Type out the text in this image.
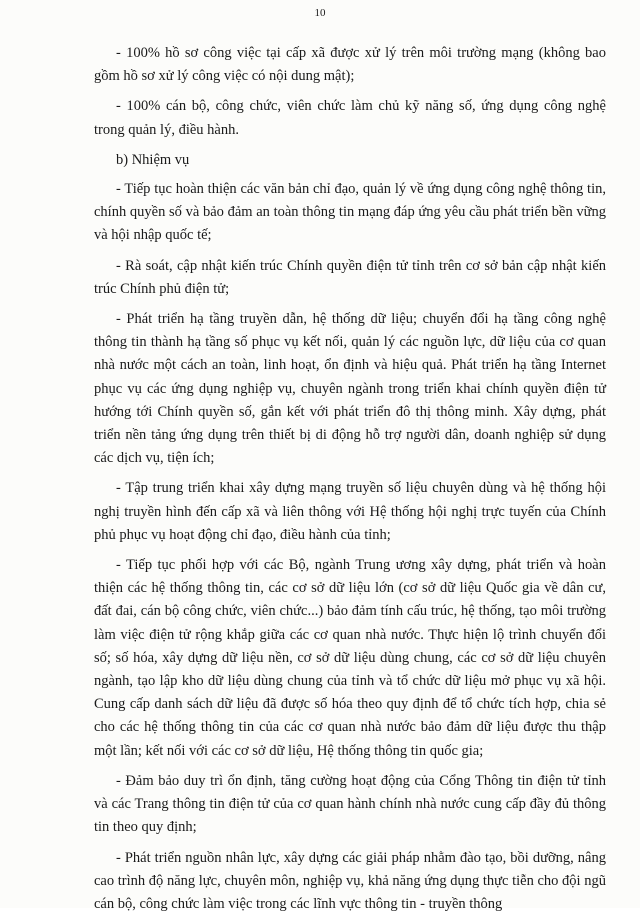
10

- 100% hồ sơ công việc tại cấp xã được xử lý trên môi trường mạng (không bao gồm hồ sơ xử lý công việc có nội dung mật);

- 100% cán bộ, công chức, viên chức làm chủ kỹ năng số, ứng dụng công nghệ trong quản lý, điều hành.

b) Nhiệm vụ

- Tiếp tục hoàn thiện các văn bản chỉ đạo, quản lý về ứng dụng công nghệ thông tin, chính quyền số và bảo đảm an toàn thông tin mạng đáp ứng yêu cầu phát triển bền vững và hội nhập quốc tế;

- Rà soát, cập nhật kiến trúc Chính quyền điện tử tỉnh trên cơ sở bản cập nhật kiến trúc Chính phủ điện tử;

- Phát triển hạ tầng truyền dẫn, hệ thống dữ liệu; chuyển đổi hạ tầng công nghệ thông tin thành hạ tầng số phục vụ kết nối, quản lý các nguồn lực, dữ liệu của cơ quan nhà nước một cách an toàn, linh hoạt, ổn định và hiệu quả. Phát triển hạ tầng Internet phục vụ các ứng dụng nghiệp vụ, chuyên ngành trong triển khai chính quyền điện tử hướng tới Chính quyền số, gắn kết với phát triển đô thị thông minh. Xây dựng, phát triển nền tảng ứng dụng trên thiết bị di động hỗ trợ người dân, doanh nghiệp sử dụng các dịch vụ, tiện ích;

- Tập trung triển khai xây dựng mạng truyền số liệu chuyên dùng và hệ thống hội nghị truyền hình đến cấp xã và liên thông với Hệ thống hội nghị trực tuyến của Chính phủ phục vụ hoạt động chỉ đạo, điều hành của tỉnh;

- Tiếp tục phối hợp với các Bộ, ngành Trung ương xây dựng, phát triển và hoàn thiện các hệ thống thông tin, các cơ sở dữ liệu lớn (cơ sở dữ liệu Quốc gia về dân cư, đất đai, cán bộ công chức, viên chức...) bảo đảm tính cấu trúc, hệ thống, tạo môi trường làm việc điện tử rộng khắp giữa các cơ quan nhà nước. Thực hiện lộ trình chuyển đổi số; số hóa, xây dựng dữ liệu nền, cơ sở dữ liệu dùng chung, các cơ sở dữ liệu chuyên ngành, tạo lập kho dữ liệu dùng chung của tỉnh và tổ chức dữ liệu mở phục vụ xã hội. Cung cấp danh sách dữ liệu đã được số hóa theo quy định để tổ chức tích hợp, chia sẻ cho các hệ thống thông tin của các cơ quan nhà nước bảo đảm dữ liệu được thu thập một lần; kết nối với các cơ sở dữ liệu, Hệ thống thông tin quốc gia;

- Đảm bảo duy trì ổn định, tăng cường hoạt động của Cổng Thông tin điện tử tỉnh và các Trang thông tin điện tử của cơ quan hành chính nhà nước cung cấp đầy đủ thông tin theo quy định;

- Phát triển nguồn nhân lực, xây dựng các giải pháp nhằm đào tạo, bồi dưỡng, nâng cao trình độ năng lực, chuyên môn, nghiệp vụ, khả năng ứng dụng thực tiễn cho đội ngũ cán bộ, công chức làm việc trong các lĩnh vực thông tin - truyền thông
